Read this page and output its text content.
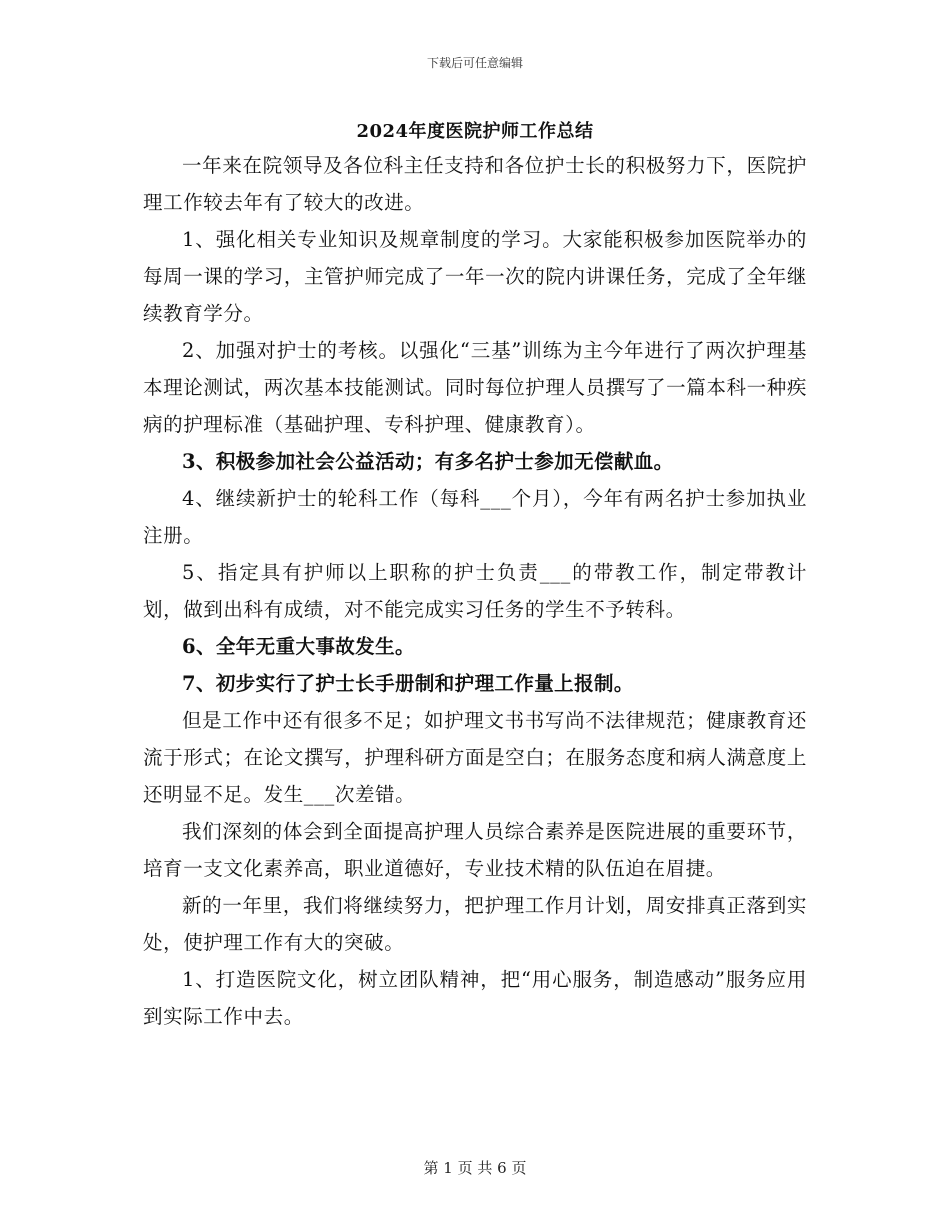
下载后可任意编辑
2024年度医院护师工作总结

一年来在院领导及各位科主任支持和各位护士长的积极努力下，医院护理工作较去年有了较大的改进。

1、强化相关专业知识及规章制度的学习。大家能积极参加医院举办的每周一课的学习，主管护师完成了一年一次的院内讲课任务，完成了全年继续教育学分。

2、加强对护士的考核。以强化“三基”训练为主今年进行了两次护理基本理论测试，两次基本技能测试。同时每位护理人员撰写了一篇本科一种疾病的护理标准（基础护理、专科护理、健康教育）。

3、积极参加社会公益活动；有多名护士参加无偿献血。

4、继续新护士的轮科工作（每科___个月），今年有两名护士参加执业注册。

5、指定具有护师以上职称的护士负责___的带教工作，制定带教计划，做到出科有成绩，对不能完成实习任务的学生不予转科。

6、全年无重大事故发生。

7、初步实行了护士长手册制和护理工作量上报制。

但是工作中还有很多不足；如护理文书书写尚不法律规范；健康教育还流于形式；在论文撰写，护理科研方面是空白；在服务态度和病人满意度上还明显不足。发生___次差错。

我们深刻的体会到全面提高护理人员综合素养是医院进展的重要环节，培育一支文化素养高，职业道德好，专业技术精的队伍迫在眉捷。

新的一年里，我们将继续努力，把护理工作月计划，周安排真正落到实处，使护理工作有大的突破。

1、打造医院文化，树立团队精神，把“用心服务，制造感动”服务应用到实际工作中去。

第 1 页 共 6 页
